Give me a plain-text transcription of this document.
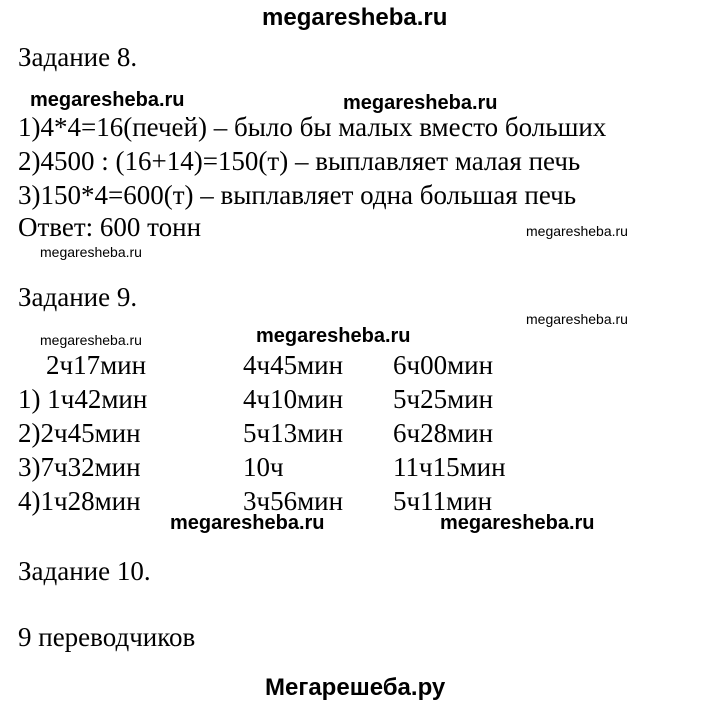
megaresheba.ru
Задание 8.
megaresheba.ru	megaresheba.ru
1)4*4=16(печей) – было бы малых вместо больших
2)4500 : (16+14)=150(т) – выплавляет малая печь
3)150*4=600(т) – выплавляет одна большая печь
Ответ: 600 тонн	megaresheba.ru
megaresheba.ru
Задание 9.
megaresheba.ru
megaresheba.ru	megaresheba.ru
2ч17мин	4ч45мин 6ч00мин
1) 1ч42мин	4ч10мин 5ч25мин
2)2ч45мин	5ч13мин 6ч28мин
3)7ч32мин	10ч	11ч15мин
4)1ч28мин	3ч56мин 5ч11мин
megaresheba.ru	megaresheba.ru
Задание 10.
9 переводчиков
Мегарешеба.ру
